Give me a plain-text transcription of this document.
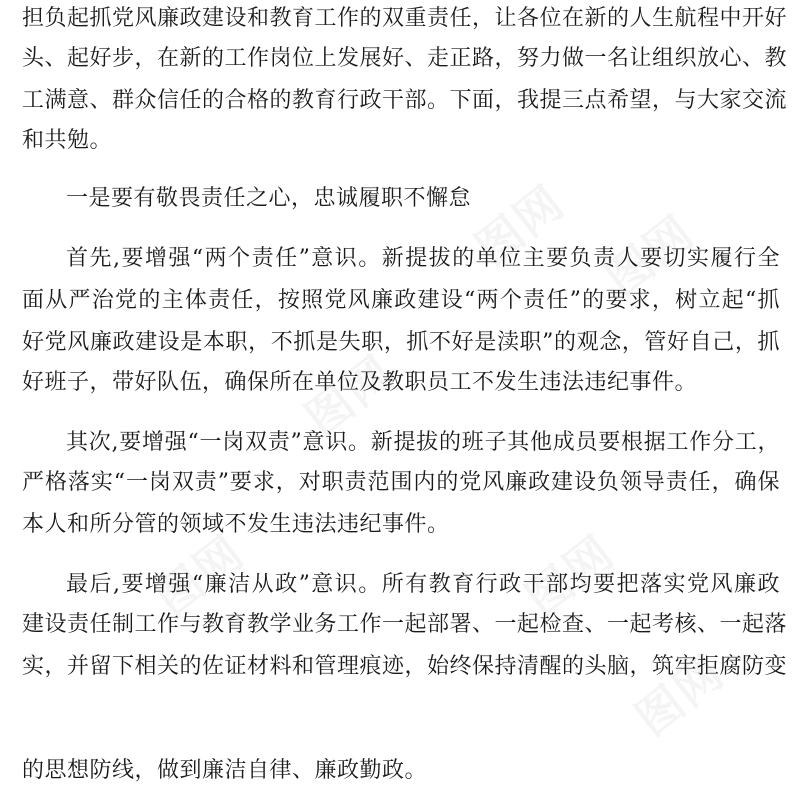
担负起抓党风廉政建设和教育工作的双重责任，让各位在新的人生航程中开好
头、起好步，在新的工作岗位上发展好、走正路，努力做一名让组织放心、教
工满意、群众信任的合格的教育行政干部。下面，我提三点希望，与大家交流
和共勉。
一是要有敬畏责任之心，忠诚履职不懈怠
首先,要增强“两个责任”意识。新提拔的单位主要负责人要切实履行全
面从严治党的主体责任，按照党风廉政建设“两个责任”的要求，树立起“抓
好党风廉政建设是本职，不抓是失职，抓不好是渎职”的观念，管好自己，抓
好班子，带好队伍，确保所在单位及教职员工不发生违法违纪事件。
其次,要增强“一岗双责”意识。新提拔的班子其他成员要根据工作分工，
严格落实“一岗双责”要求，对职责范围内的党风廉政建设负领导责任，确保
本人和所分管的领域不发生违法违纪事件。
最后,要增强“廉洁从政”意识。所有教育行政干部均要把落实党风廉政
建设责任制工作与教育教学业务工作一起部署、一起检查、一起考核、一起落
实，并留下相关的佐证材料和管理痕迹，始终保持清醒的头脑，筑牢拒腐防变
的思想防线，做到廉洁自律、廉政勤政。
